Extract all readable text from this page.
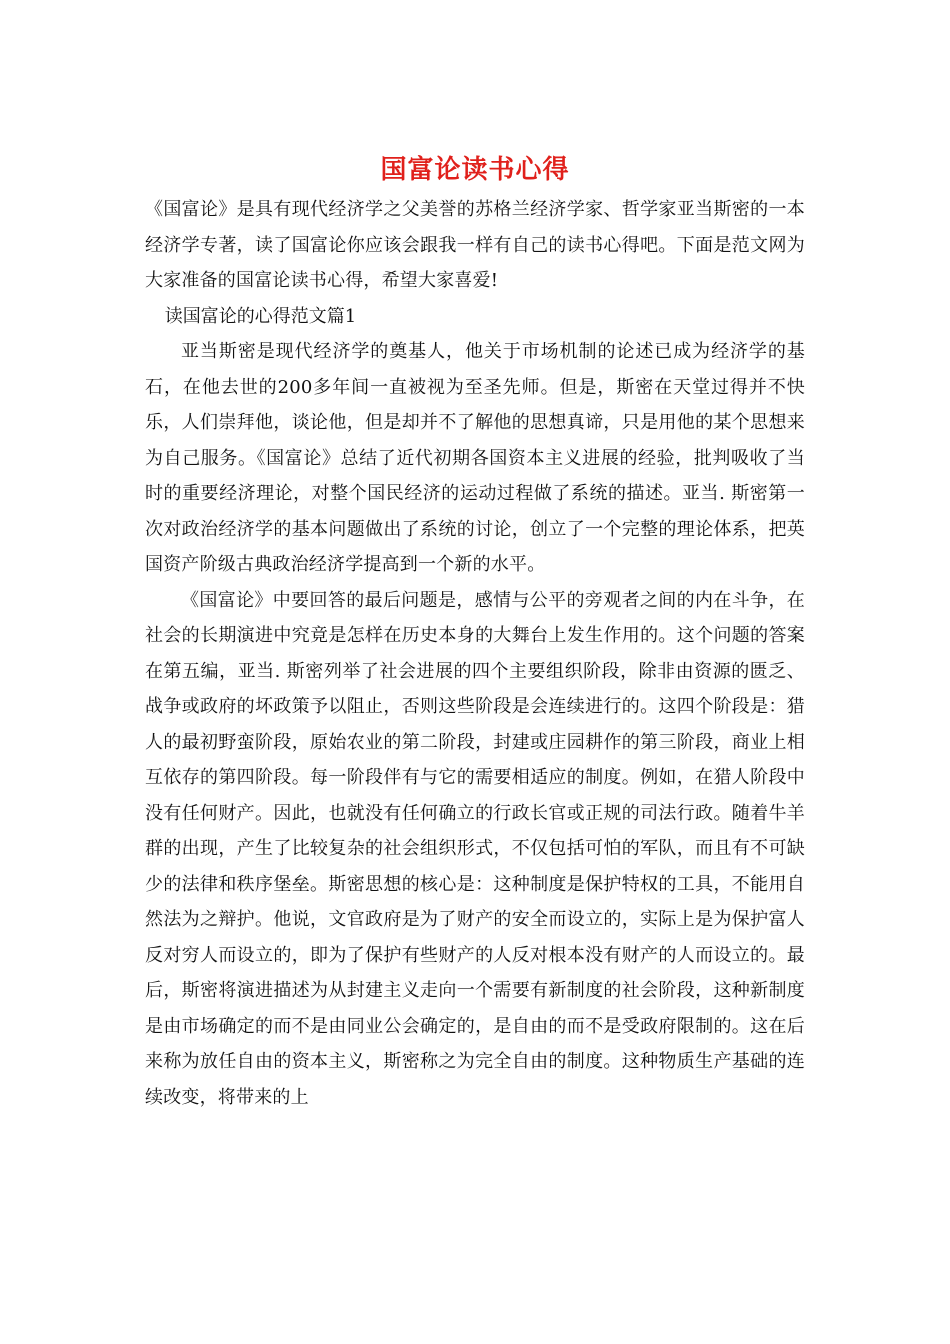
国富论读书心得

《国富论》是具有现代经济学之父美誉的苏格兰经济学家、哲学家亚当斯密的一本经济学专著，读了国富论你应该会跟我一样有自己的读书心得吧。下面是范文网为大家准备的国富论读书心得，希望大家喜爱!

读国富论的心得范文篇1

亚当斯密是现代经济学的奠基人，他关于市场机制的论述已成为经济学的基石，在他去世的200多年间一直被视为至圣先师。但是，斯密在天堂过得并不快乐，人们崇拜他，谈论他，但是却并不了解他的思想真谛，只是用他的某个思想来为自己服务。《国富论》总结了近代初期各国资本主义进展的经验，批判吸收了当时的重要经济理论，对整个国民经济的运动过程做了系统的描述。亚当. 斯密第一次对政治经济学的基本问题做出了系统的讨论，创立了一个完整的理论体系，把英国资产阶级古典政治经济学提高到一个新的水平。

《国富论》中要回答的最后问题是，感情与公平的旁观者之间的内在斗争，在社会的长期演进中究竟是怎样在历史本身的大舞台上发生作用的。这个问题的答案在第五编，亚当. 斯密列举了社会进展的四个主要组织阶段，除非由资源的匮乏、战争或政府的坏政策予以阻止，否则这些阶段是会连续进行的。这四个阶段是：猎人的最初野蛮阶段，原始农业的第二阶段，封建或庄园耕作的第三阶段，商业上相互依存的第四阶段。每一阶段伴有与它的需要相适应的制度。例如，在猎人阶段中没有任何财产。因此，也就没有任何确立的行政长官或正规的司法行政。随着牛羊群的出现，产生了比较复杂的社会组织形式，不仅包括可怕的军队，而且有不可缺少的法律和秩序堡垒。斯密思想的核心是：这种制度是保护特权的工具，不能用自然法为之辩护。他说，文官政府是为了财产的安全而设立的，实际上是为保护富人反对穷人而设立的，即为了保护有些财产的人反对根本没有财产的人而设立的。最后，斯密将演进描述为从封建主义走向一个需要有新制度的社会阶段，这种新制度是由市场确定的而不是由同业公会确定的，是自由的而不是受政府限制的。这在后来称为放任自由的资本主义，斯密称之为完全自由的制度。这种物质生产基础的连续改变，将带来的上
